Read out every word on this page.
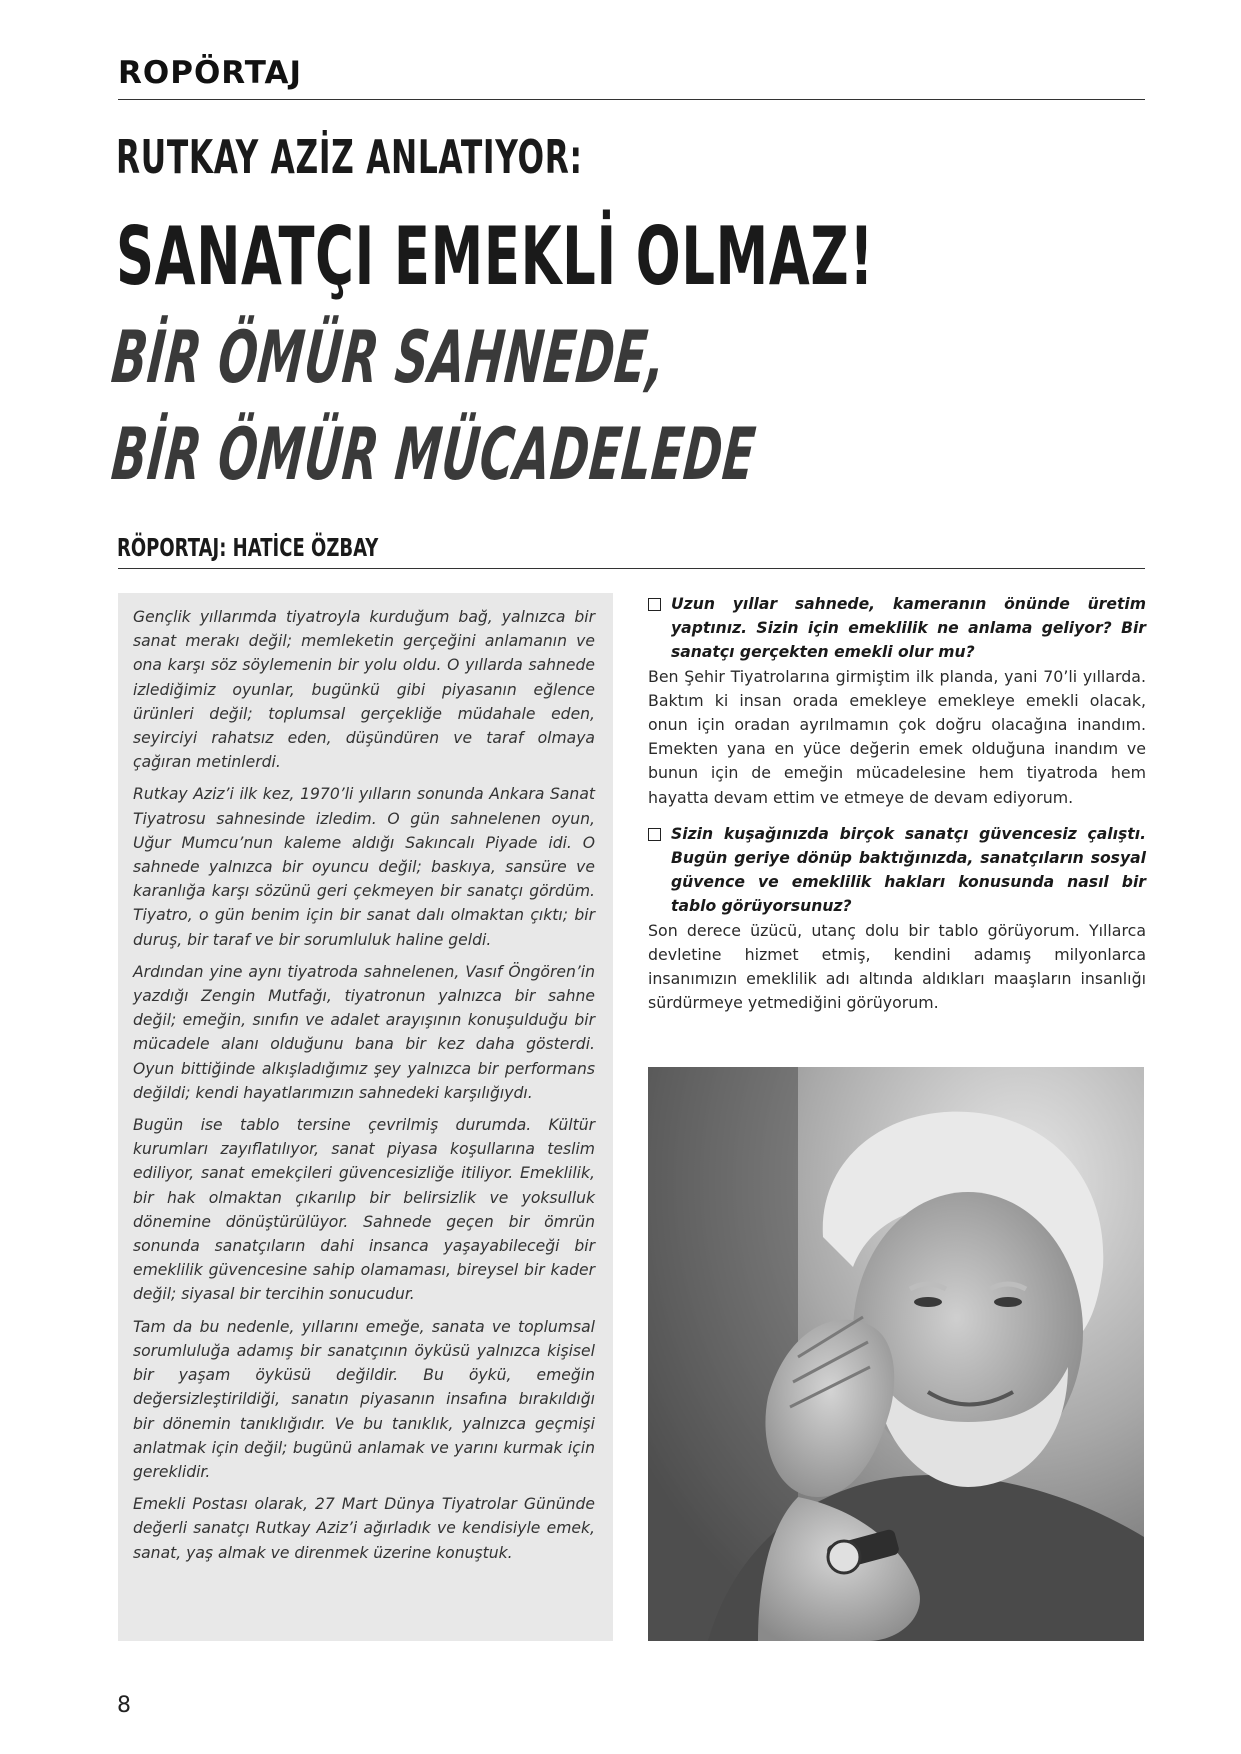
ROPÖRTAJ
RUTKAY AZİZ ANLATIYOR:
SANATÇI EMEKLİ OLMAZ!
BİR ÖMÜR SAHNEDE,
BİR ÖMÜR MÜCADELEDE
RÖPORTAJ: HATİCE ÖZBAY

Gençlik yıllarımda tiyatroyla kurduğum bağ, yalnızca bir sanat merakı değil; memleketin gerçeğini anlamanın ve ona karşı söz söylemenin bir yolu oldu. O yıllarda sahnede izlediğimiz oyunlar, bugünkü gibi piyasanın eğlence ürünleri değil; toplumsal gerçekliğe müdahale eden, seyirciyi rahatsız eden, düşündüren ve taraf olmaya çağıran metinlerdi.

Rutkay Aziz’i ilk kez, 1970’li yılların sonunda Ankara Sanat Tiyatrosu sahnesinde izledim. O gün sahnelenen oyun, Uğur Mumcu’nun kaleme aldığı Sakıncalı Piyade idi. O sahnede yalnızca bir oyuncu değil; baskıya, sansüre ve karanlığa karşı sözünü geri çekmeyen bir sanatçı gördüm. Tiyatro, o gün benim için bir sanat dalı olmaktan çıktı; bir duruş, bir taraf ve bir sorumluluk haline geldi.

Ardından yine aynı tiyatroda sahnelenen, Vasıf Öngören’in yazdığı Zengin Mutfağı, tiyatronun yalnızca bir sahne değil; emeğin, sınıfın ve adalet arayışının konuşulduğu bir mücadele alanı olduğunu bana bir kez daha gösterdi. Oyun bittiğinde alkışladığımız şey yalnızca bir performans değildi; kendi hayatlarımızın sahnedeki karşılığıydı.

Bugün ise tablo tersine çevrilmiş durumda. Kültür kurumları zayıflatılıyor, sanat piyasa koşullarına teslim ediliyor, sanat emekçileri güvencesizliğe itiliyor. Emeklilik, bir hak olmaktan çıkarılıp bir belirsizlik ve yoksulluk dönemine dönüştürülüyor. Sahnede geçen bir ömrün sonunda sanatçıların dahi insanca yaşayabileceği bir emeklilik güvencesine sahip olamaması, bireysel bir kader değil; siyasal bir tercihin sonucudur.

Tam da bu nedenle, yıllarını emeğe, sanata ve toplumsal sorumluluğa adamış bir sanatçının öyküsü yalnızca kişisel bir yaşam öyküsü değildir. Bu öykü, emeğin değersizleştirildiği, sanatın piyasanın insafına bırakıldığı bir dönemin tanıklığıdır. Ve bu tanıklık, yalnızca geçmişi anlatmak için değil; bugünü anlamak ve yarını kurmak için gereklidir.

Emekli Postası olarak, 27 Mart Dünya Tiyatrolar Gününde değerli sanatçı Rutkay Aziz’i ağırladık ve kendisiyle emek, sanat, yaş almak ve direnmek üzerine konuştuk.

Uzun yıllar sahnede, kameranın önünde üretim yaptınız. Sizin için emeklilik ne anlama geliyor? Bir sanatçı gerçekten emekli olur mu?

Ben Şehir Tiyatrolarına girmiştim ilk planda, yani 70’li yıllarda. Baktım ki insan orada emekleye emekleye emekli olacak, onun için oradan ayrılmamın çok doğru olacağına inandım. Emekten yana en yüce değerin emek olduğuna inandım ve bunun için de emeğin mücadelesine hem tiyatroda hem hayatta devam ettim ve etmeye de devam ediyorum.

Sizin kuşağınızda birçok sanatçı güvencesiz çalıştı. Bugün geriye dönüp baktığınızda, sanatçıların sosyal güvence ve emeklilik hakları konusunda nasıl bir tablo görüyorsunuz?

Son derece üzücü, utanç dolu bir tablo görüyorum. Yıllarca devletine hizmet etmiş, kendini adamış milyonlarca insanımızın emeklilik adı altında aldıkları maaşların insanlığı sürdürmeye yetmediğini görüyorum.

8
